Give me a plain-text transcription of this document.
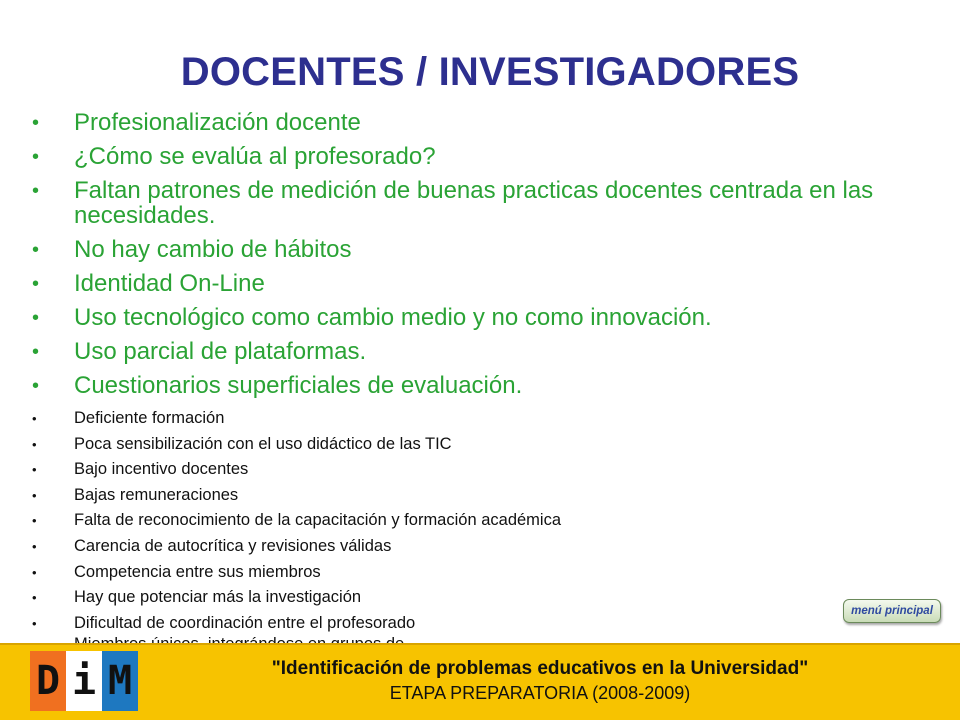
DOCENTES / INVESTIGADORES
• Profesionalización docente
• ¿Cómo se evalúa al profesorado?
• Faltan patrones de medición de buenas practicas docentes centrada en las necesidades.
• No hay cambio de hábitos
• Identidad On-Line
• Uso tecnológico como cambio medio y no como innovación.
• Uso parcial de plataformas.
• Cuestionarios superficiales de evaluación.
• Deficiente formación
• Poca sensibilización con el uso didáctico de las TIC
• Bajo incentivo docentes
• Bajas remuneraciones
• Falta de reconocimiento de la capacitación y formación académica
• Carencia de autocrítica y revisiones válidas
• Competencia entre sus miembros
• Hay que potenciar más la investigación
• Dificultad de coordinación entre el profesorado
menú principal
D i M	"Identificación de problemas educativos en la Universidad"
ETAPA PREPARATORIA (2008-2009)
